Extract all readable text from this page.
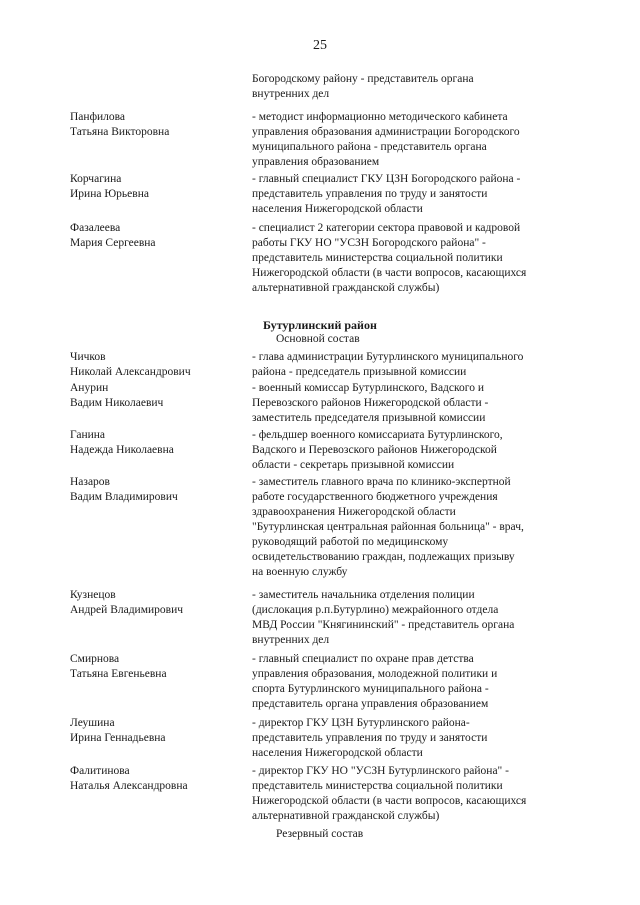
25
Богородскому району - представитель органа
внутренних дел
Панфилова
Татьяна Викторовна
- методист информационно методического кабинета
управления образования администрации Богородского
муниципального района - представитель органа
управления образованием
Корчагина
Ирина Юрьевна
- главный специалист ГКУ ЦЗН Богородского района -
представитель управления по труду и занятости
населения Нижегородской области
Фазалеева
Мария Сергеевна
- специалист 2 категории сектора правовой и кадровой
работы ГКУ НО "УСЗН Богородского района" -
представитель министерства социальной политики
Нижегородской области (в части вопросов, касающихся
альтернативной гражданской службы)
Бутурлинский район
Основной состав
Чичков
Николай Александрович
- глава администрации Бутурлинского муниципального
района - председатель призывной комиссии
Анурин
Вадим Николаевич
- военный комиссар Бутурлинского, Вадского и
Перевозского районов Нижегородской области -
заместитель председателя призывной комиссии
Ганина
Надежда Николаевна
- фельдшер военного комиссариата Бутурлинского,
Вадского и Перевозского районов Нижегородской
области - секретарь призывной комиссии
Назаров
Вадим Владимирович
- заместитель главного врача по клинико-экспертной
работе государственного бюджетного учреждения
здравоохранения Нижегородской области
"Бутурлинская центральная районная больница" - врач,
руководящий работой по медицинскому
освидетельствованию граждан, подлежащих призыву
на военную службу
Кузнецов
Андрей Владимирович
- заместитель начальника отделения полиции
(дислокация р.п.Бутурлино) межрайонного отдела
МВД России "Княгининский" - представитель органа
внутренних дел
Смирнова
Татьяна Евгеньевна
- главный специалист по охране прав детства
управления образования, молодежной политики и
спорта Бутурлинского муниципального района -
представитель органа управления образованием
Леушина
Ирина Геннадьевна
- директор ГКУ ЦЗН Бутурлинского района-
представитель управления по труду и занятости
населения Нижегородской области
Фалитинова
Наталья Александровна
- директор ГКУ НО "УСЗН Бутурлинского района" -
представитель министерства социальной политики
Нижегородской области (в части вопросов, касающихся
альтернативной гражданской службы)
Резервный состав
